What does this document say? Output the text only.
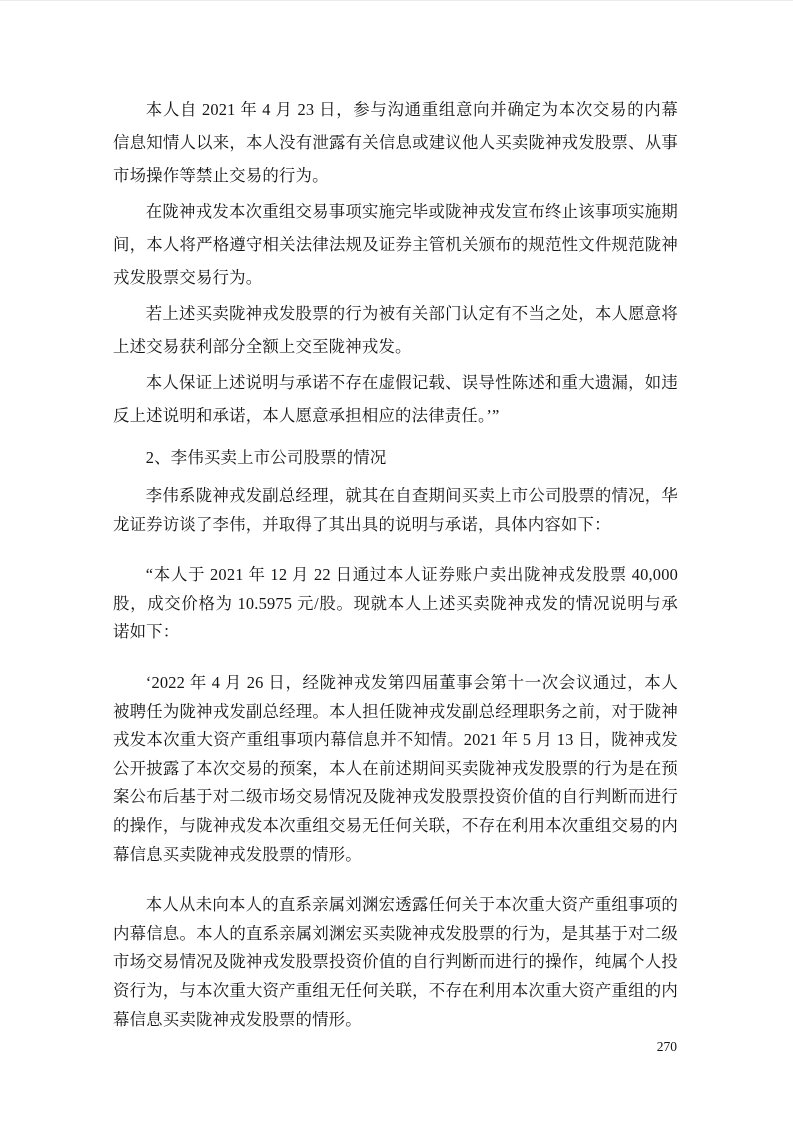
本人自 2021 年 4 月 23 日，参与沟通重组意向并确定为本次交易的内幕信息知情人以来，本人没有泄露有关信息或建议他人买卖陇神戎发股票、从事市场操作等禁止交易的行为。

在陇神戎发本次重组交易事项实施完毕或陇神戎发宣布终止该事项实施期间，本人将严格遵守相关法律法规及证券主管机关颁布的规范性文件规范陇神戎发股票交易行为。

若上述买卖陇神戎发股票的行为被有关部门认定有不当之处，本人愿意将上述交易获利部分全额上交至陇神戎发。

本人保证上述说明与承诺不存在虚假记载、误导性陈述和重大遗漏，如违反上述说明和承诺，本人愿意承担相应的法律责任。’”

2、李伟买卖上市公司股票的情况

李伟系陇神戎发副总经理，就其在自查期间买卖上市公司股票的情况，华龙证券访谈了李伟，并取得了其出具的说明与承诺，具体内容如下：

“本人于 2021 年 12 月 22 日通过本人证券账户卖出陇神戎发股票 40,000 股，成交价格为 10.5975 元/股。现就本人上述买卖陇神戎发的情况说明与承诺如下：

‘2022 年 4 月 26 日，经陇神戎发第四届董事会第十一次会议通过，本人被聘任为陇神戎发副总经理。本人担任陇神戎发副总经理职务之前，对于陇神戎发本次重大资产重组事项内幕信息并不知情。2021 年 5 月 13 日，陇神戎发公开披露了本次交易的预案，本人在前述期间买卖陇神戎发股票的行为是在预案公布后基于对二级市场交易情况及陇神戎发股票投资价值的自行判断而进行的操作，与陇神戎发本次重组交易无任何关联，不存在利用本次重组交易的内幕信息买卖陇神戎发股票的情形。

本人从未向本人的直系亲属刘渊宏透露任何关于本次重大资产重组事项的内幕信息。本人的直系亲属刘渊宏买卖陇神戎发股票的行为，是其基于对二级市场交易情况及陇神戎发股票投资价值的自行判断而进行的操作，纯属个人投资行为，与本次重大资产重组无任何关联，不存在利用本次重大资产重组的内幕信息买卖陇神戎发股票的情形。

270
